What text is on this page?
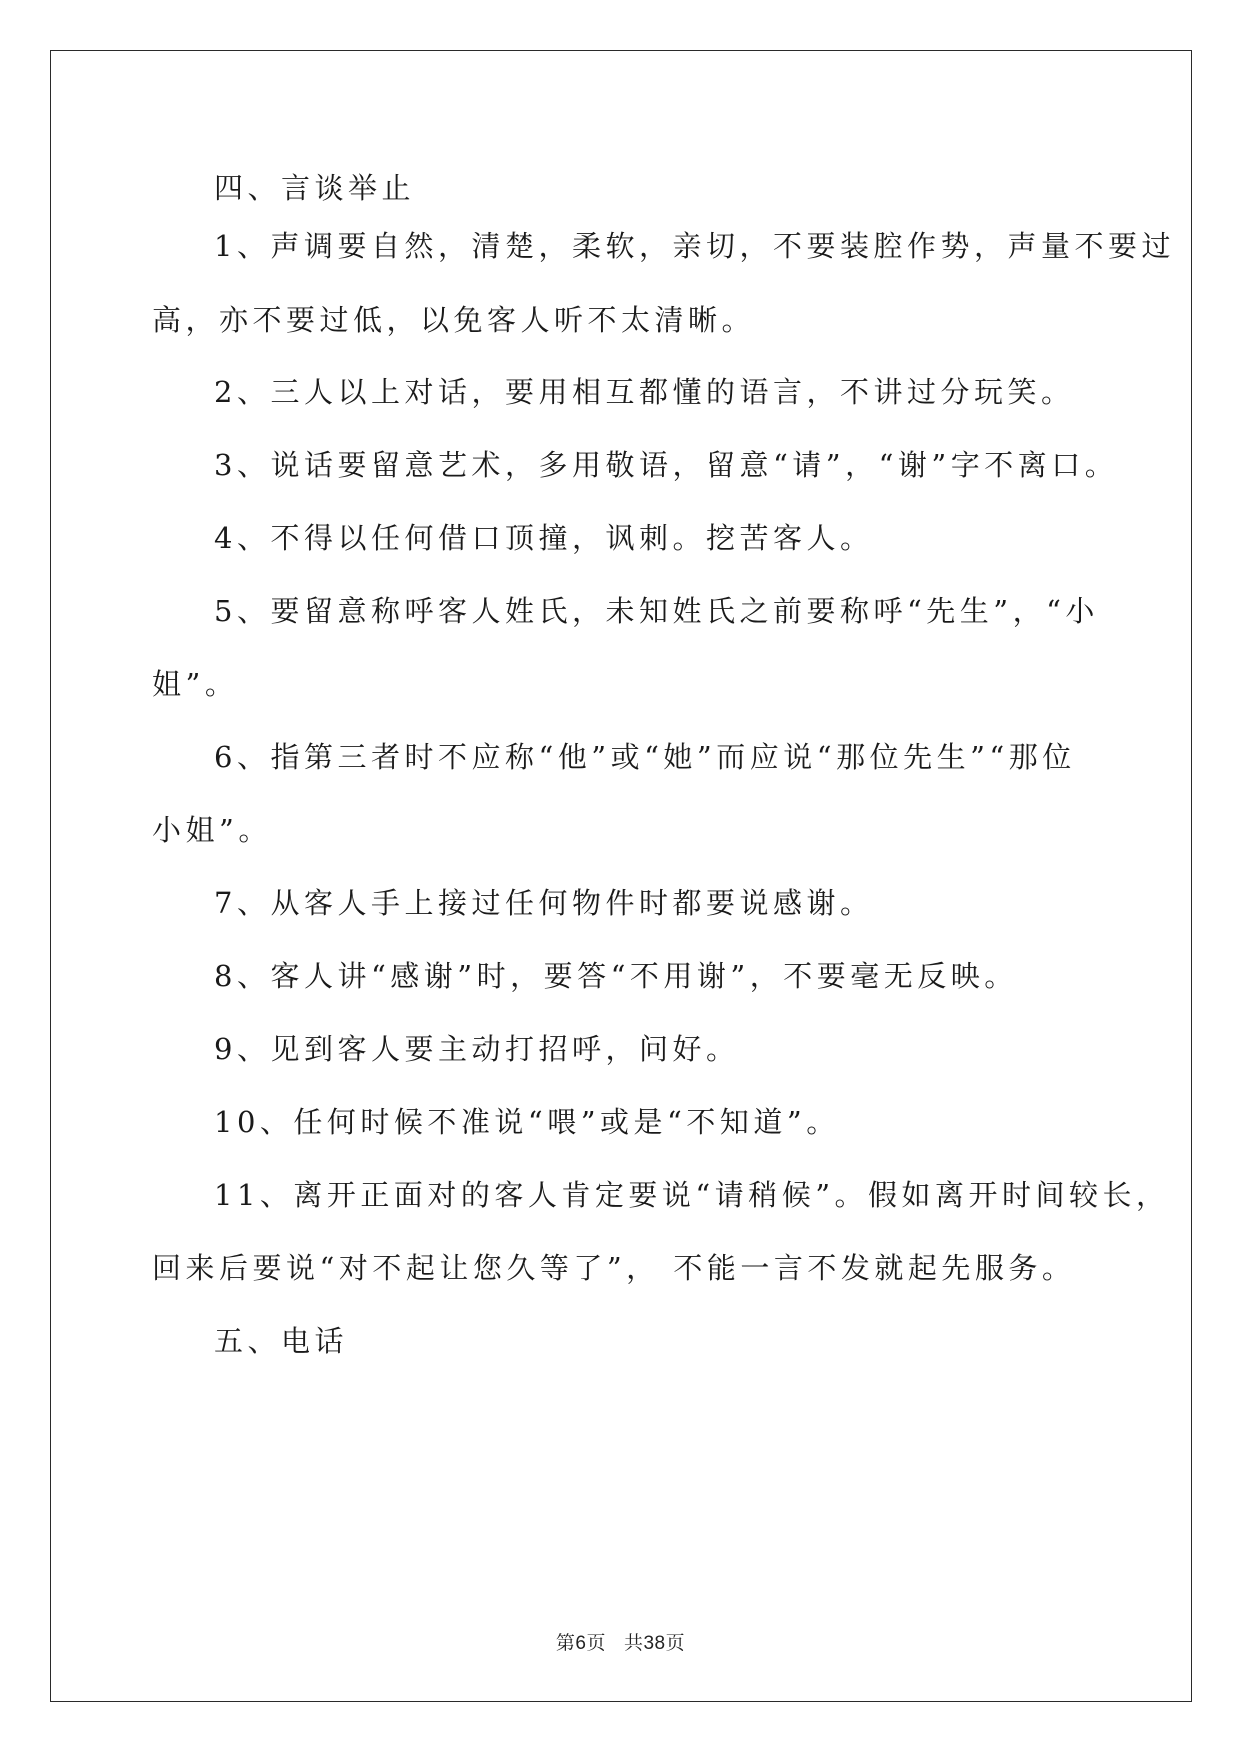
四、言谈举止

1、声调要自然，清楚，柔软，亲切，不要装腔作势，声量不要过

高，亦不要过低，以免客人听不太清晰。

2、三人以上对话，要用相互都懂的语言，不讲过分玩笑。

3、说话要留意艺术，多用敬语，留意“请”，“谢”字不离口。

4、不得以任何借口顶撞，讽刺。挖苦客人。

5、要留意称呼客人姓氏，未知姓氏之前要称呼“先生”，“小

姐”。

6、指第三者时不应称“他”或“她”而应说“那位先生”“那位

小姐”。

7、从客人手上接过任何物件时都要说感谢。

8、客人讲“感谢”时，要答“不用谢”，不要毫无反映。

9、见到客人要主动打招呼，问好。

10、任何时候不准说“喂”或是“不知道”。

11、离开正面对的客人肯定要说“请稍候”。假如离开时间较长，

回来后要说“对不起让您久等了”， 不能一言不发就起先服务。

五、电话

第6页 共38页
